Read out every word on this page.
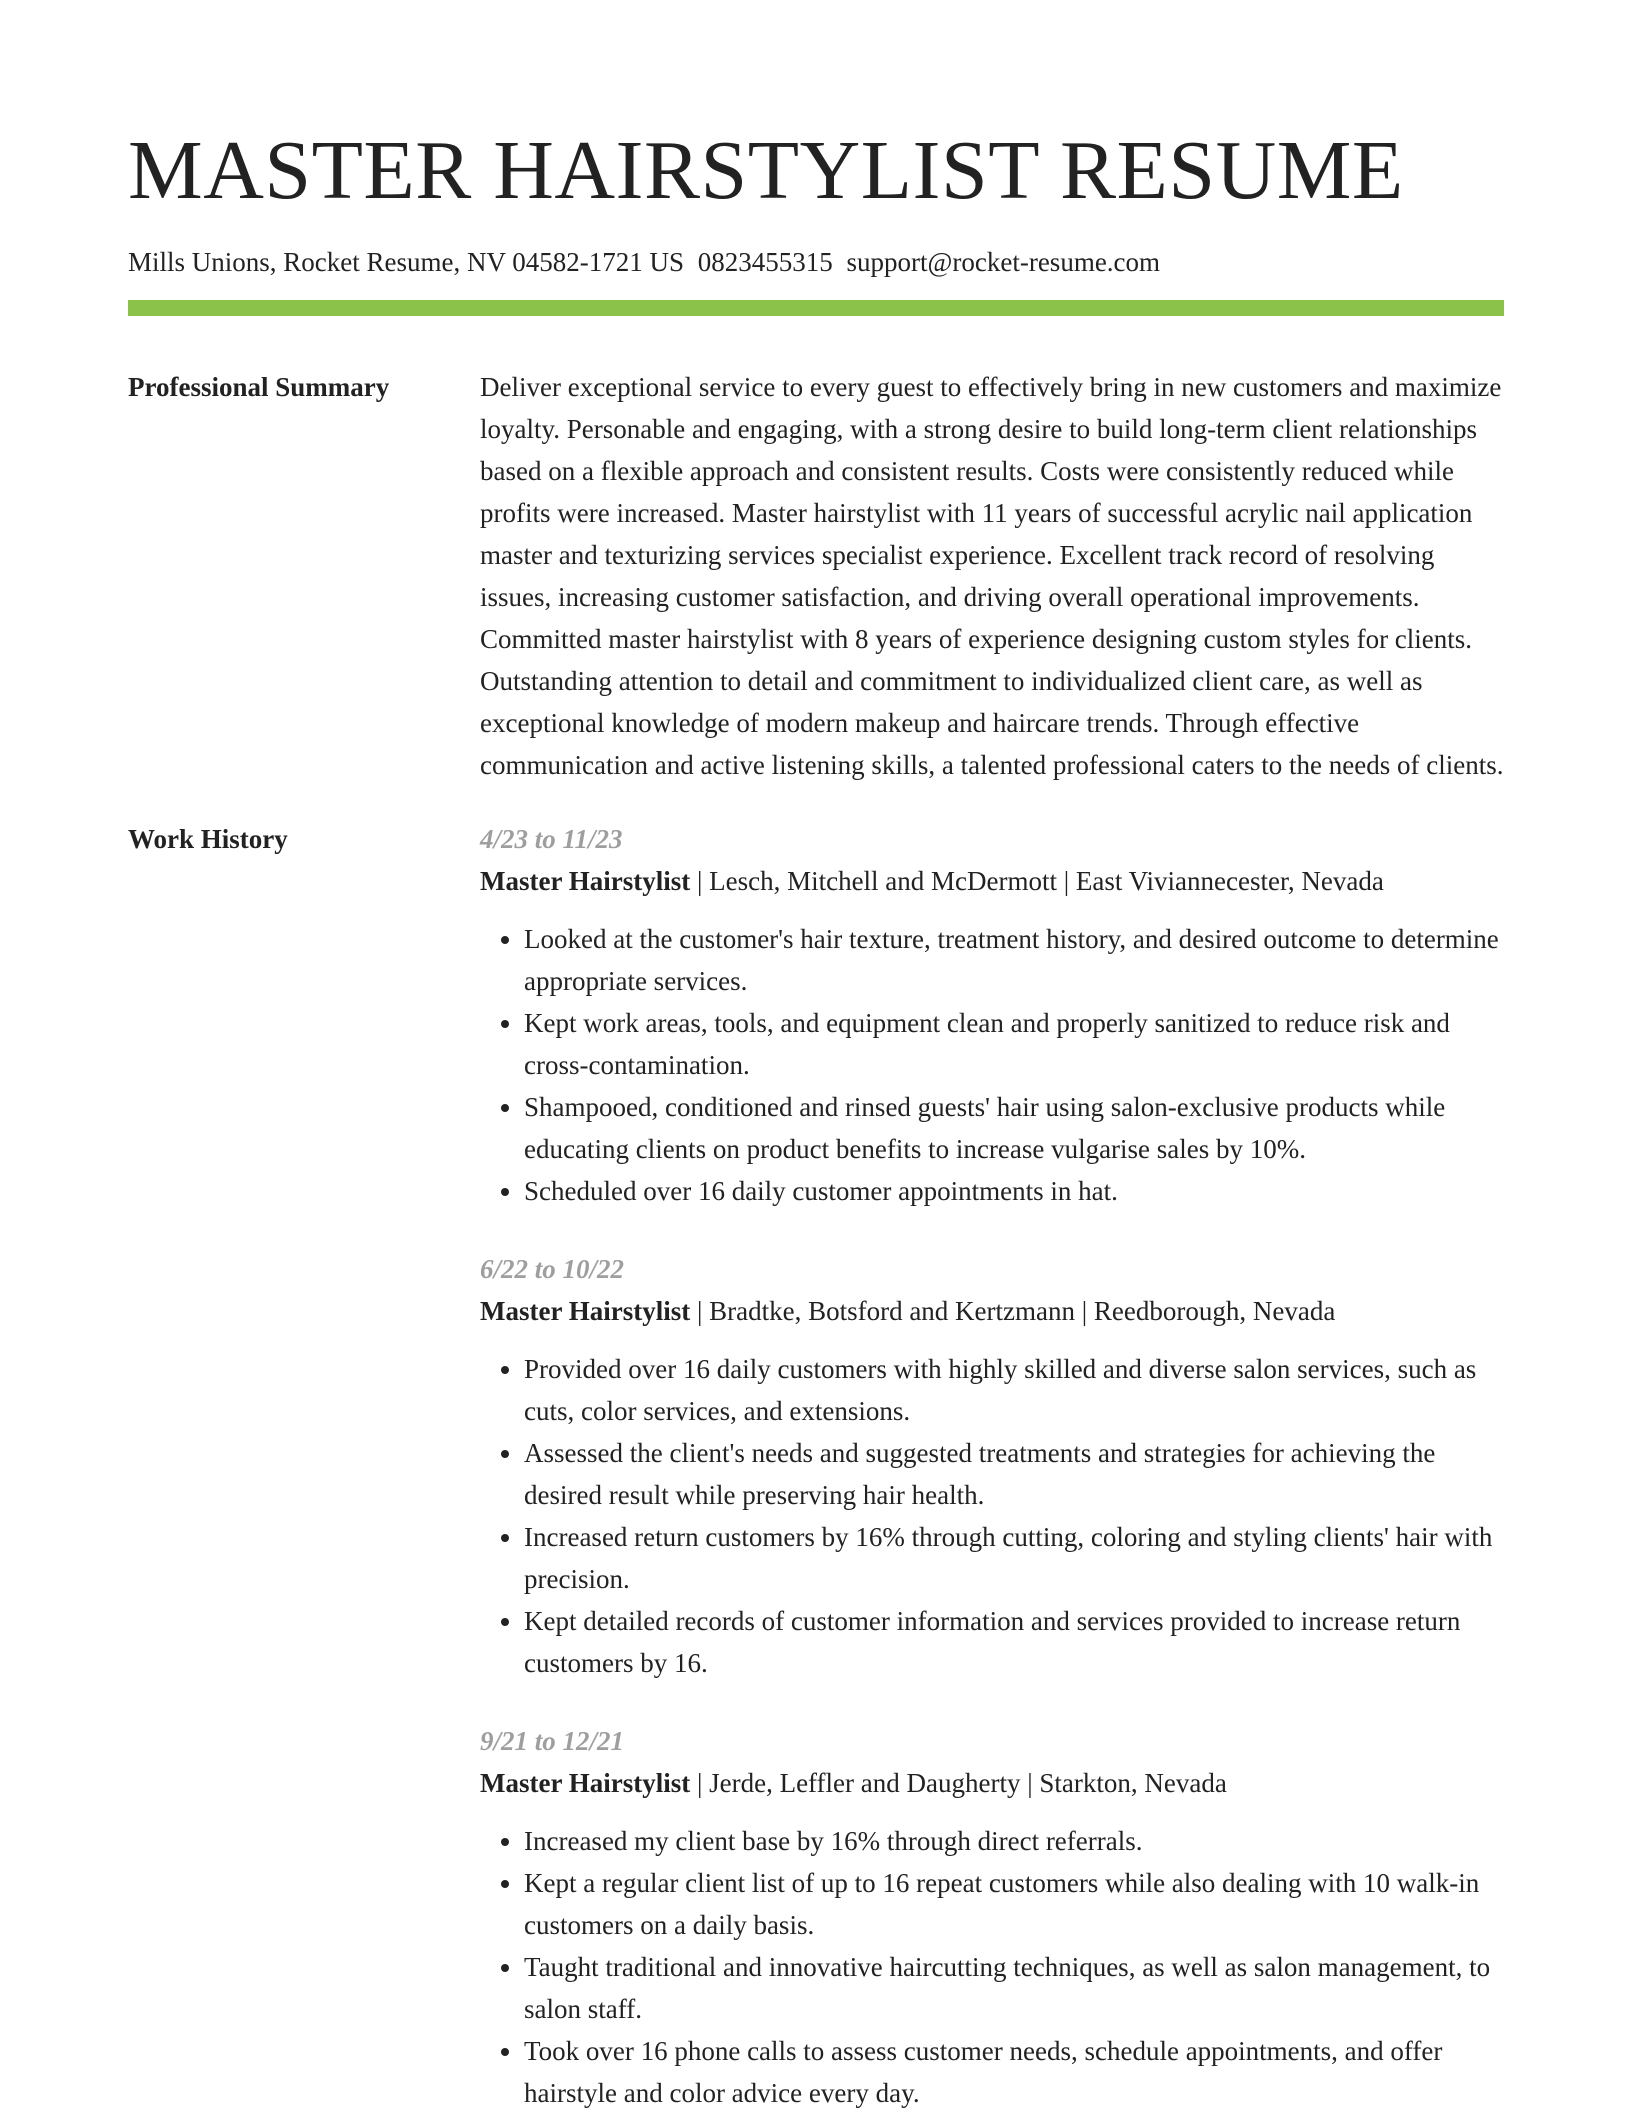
MASTER HAIRSTYLIST RESUME
Mills Unions, Rocket Resume, NV 04582-1721 US 0823455315 support@rocket-resume.com
Professional Summary	Deliver exceptional service to every guest to effectively bring in new customers and maximize loyalty. Personable and engaging, with a strong desire to build long-term client relationships based on a flexible approach and consistent results. Costs were consistently reduced while profits were increased. Master hairstylist with 11 years of successful acrylic nail application master and texturizing services specialist experience. Excellent track record of resolving issues, increasing customer satisfaction, and driving overall operational improvements. Committed master hairstylist with 8 years of experience designing custom styles for clients. Outstanding attention to detail and commitment to individualized client care, as well as exceptional knowledge of modern makeup and haircare trends. Through effective communication and active listening skills, a talented professional caters to the needs of clients.

Work History	4/23 to 11/23
Master Hairstylist | Lesch, Mitchell and McDermott | East Viviannecester, Nevada
• Looked at the customer's hair texture, treatment history, and desired outcome to determine appropriate services.
• Kept work areas, tools, and equipment clean and properly sanitized to reduce risk and cross-contamination.
• Shampooed, conditioned and rinsed guests' hair using salon-exclusive products while educating clients on product benefits to increase vulgarise sales by 10%.
• Scheduled over 16 daily customer appointments in hat.
6/22 to 10/22
Master Hairstylist | Bradtke, Botsford and Kertzmann | Reedborough, Nevada
• Provided over 16 daily customers with highly skilled and diverse salon services, such as cuts, color services, and extensions.
• Assessed the client's needs and suggested treatments and strategies for achieving the desired result while preserving hair health.
• Increased return customers by 16% through cutting, coloring and styling clients' hair with precision.
• Kept detailed records of customer information and services provided to increase return customers by 16.
9/21 to 12/21
Master Hairstylist | Jerde, Leffler and Daugherty | Starkton, Nevada
• Increased my client base by 16% through direct referrals.
• Kept a regular client list of up to 16 repeat customers while also dealing with 10 walk-in customers on a daily basis.
• Taught traditional and innovative haircutting techniques, as well as salon management, to salon staff.
• Took over 16 phone calls to assess customer needs, schedule appointments, and offer hairstyle and color advice every day.
